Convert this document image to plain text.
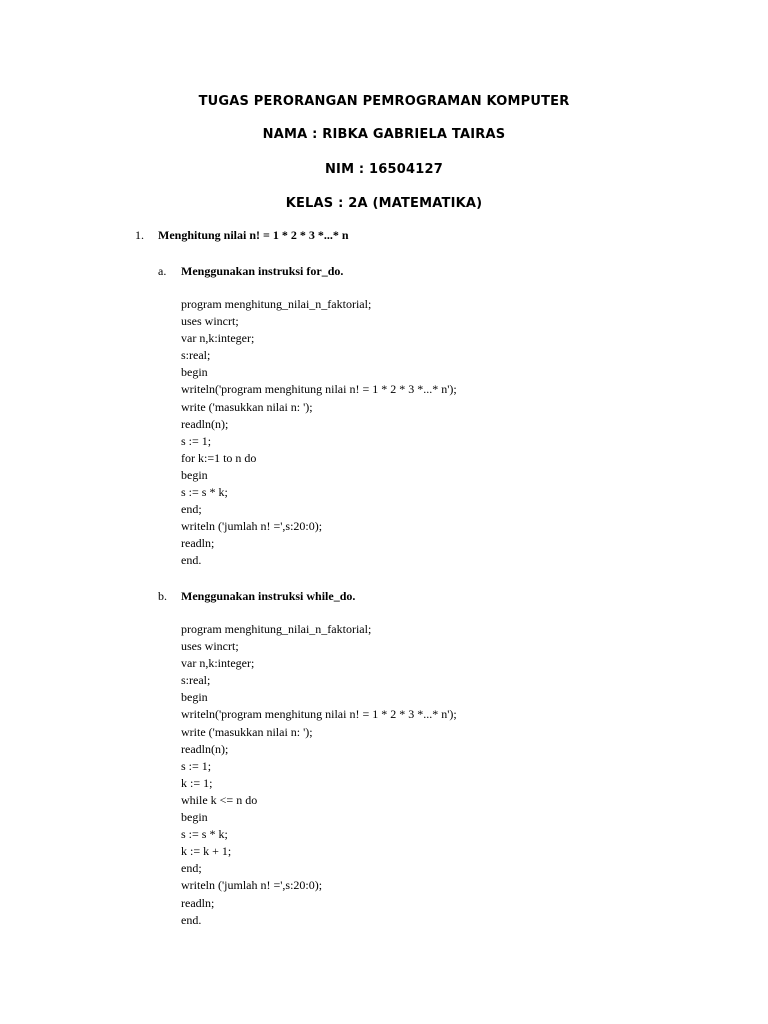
TUGAS PERORANGAN PEMROGRAMAN KOMPUTER
NAMA : RIBKA GABRIELA TAIRAS
NIM : 16504127
KELAS : 2A (MATEMATIKA)
1. Menghitung nilai n! = 1 * 2 * 3 *...* n
a. Menggunakan instruksi for_do.
program menghitung_nilai_n_faktorial;
uses wincrt;
var n,k:integer;
s:real;
begin
writeln('program menghitung nilai n! = 1 * 2 * 3 *...* n');
write ('masukkan nilai n: ');
readln(n);
s := 1;
for k:=1 to n do
begin
s := s * k;
end;
writeln ('jumlah n! =',s:20:0);
readln;
end.
b. Menggunakan instruksi while_do.
program menghitung_nilai_n_faktorial;
uses wincrt;
var n,k:integer;
s:real;
begin
writeln('program menghitung nilai n! = 1 * 2 * 3 *...* n');
write ('masukkan nilai n: ');
readln(n);
s := 1;
k := 1;
while k <= n do
begin
s := s * k;
k := k + 1;
end;
writeln ('jumlah n! =',s:20:0);
readln;
end.
